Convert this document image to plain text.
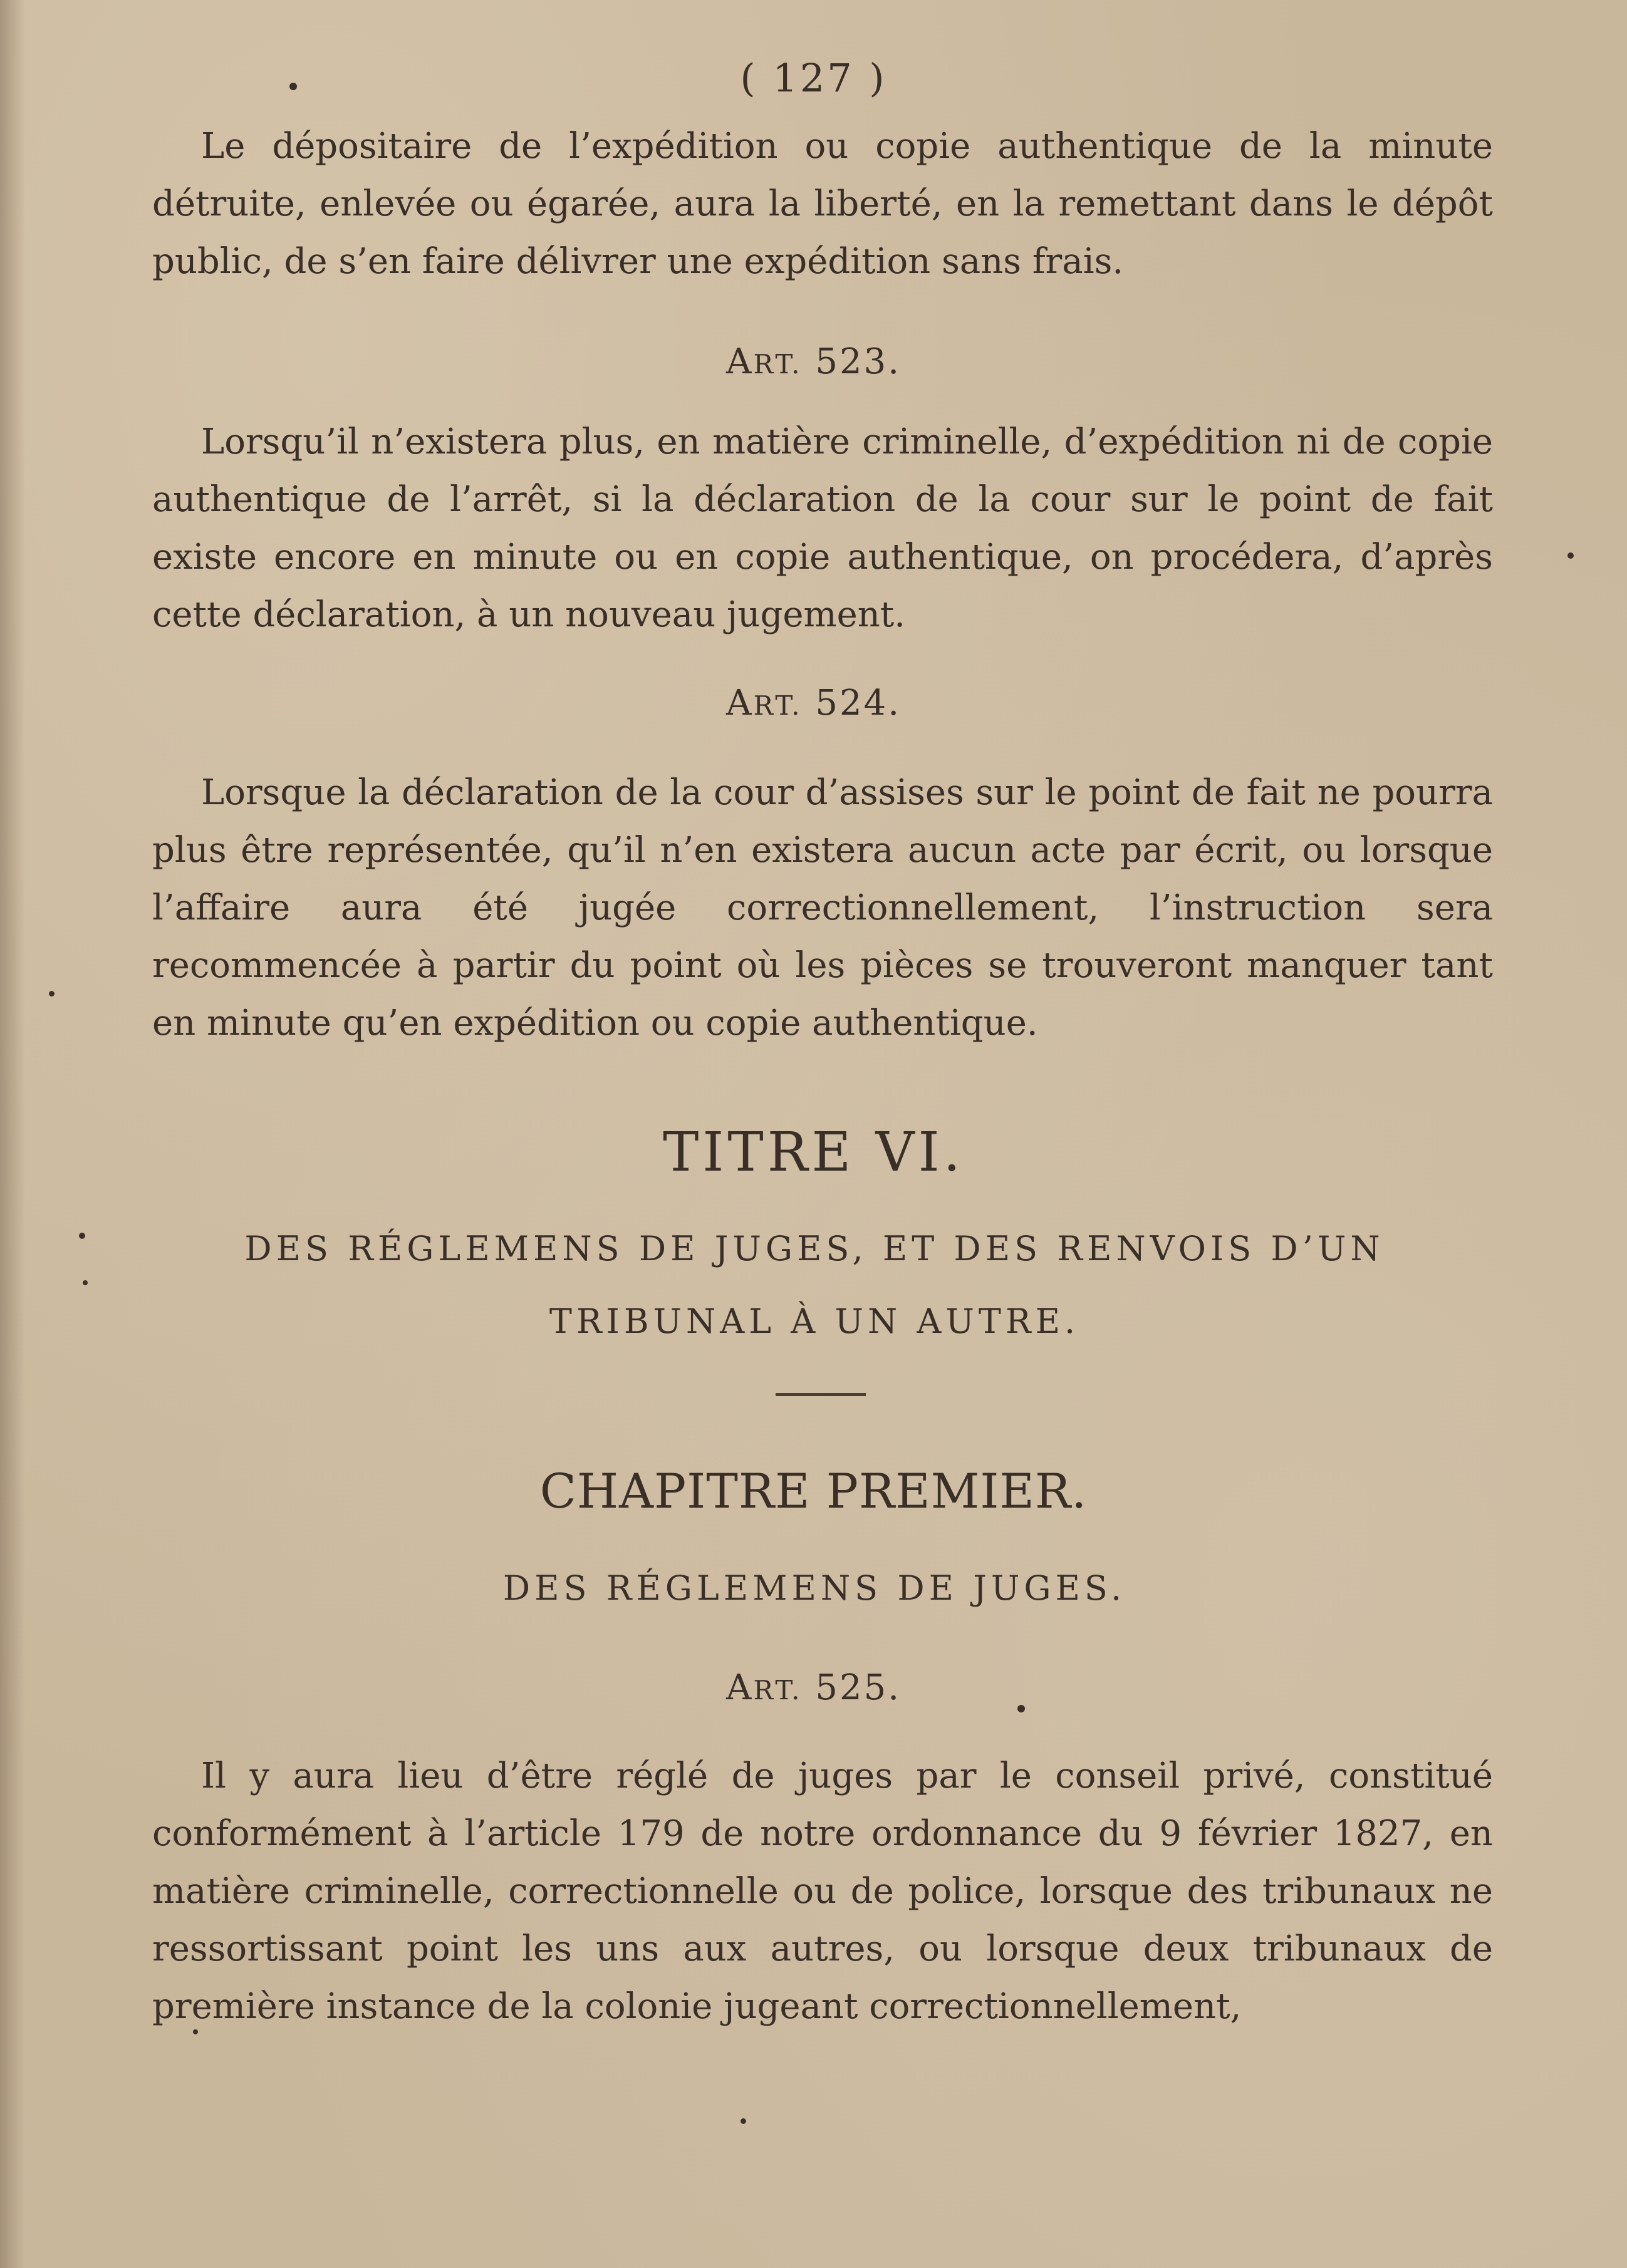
( 127 )

Le dépositaire de l’expédition ou copie authentique de la minute détruite, enlevée ou égarée, aura la liberté, en la remettant dans le dépôt public, de s’en faire délivrer une expédition sans frais.

ART. 523.

Lorsqu’il n’existera plus, en matière criminelle, d’expédition ni de copie authentique de l’arrêt, si la déclaration de la cour sur le point de fait existe encore en minute ou en copie authentique, on procédera, d’après cette déclaration, à un nouveau jugement.

ART. 524.

Lorsque la déclaration de la cour d’assises sur le point de fait ne pourra plus être représentée, qu’il n’en existera aucun acte par écrit, ou lorsque l’affaire aura été jugée correctionnellement, l’instruction sera recommencée à partir du point où les pièces se trouveront manquer tant en minute qu’en expédition ou copie authentique.

TITRE VI.
DES RÉGLEMENS DE JUGES, ET DES RENVOIS D’UN TRIBUNAL À UN AUTRE.
CHAPITRE PREMIER.
DES RÉGLEMENS DE JUGES.
ART. 525.

Il y aura lieu d’être réglé de juges par le conseil privé, constitué conformément à l’article 179 de notre ordonnance du 9 février 1827, en matière criminelle, correctionnelle ou de police, lorsque des tribunaux ne ressortissant point les uns aux autres, ou lorsque deux tribunaux de première instance de la colonie jugeant correctionnellement,
